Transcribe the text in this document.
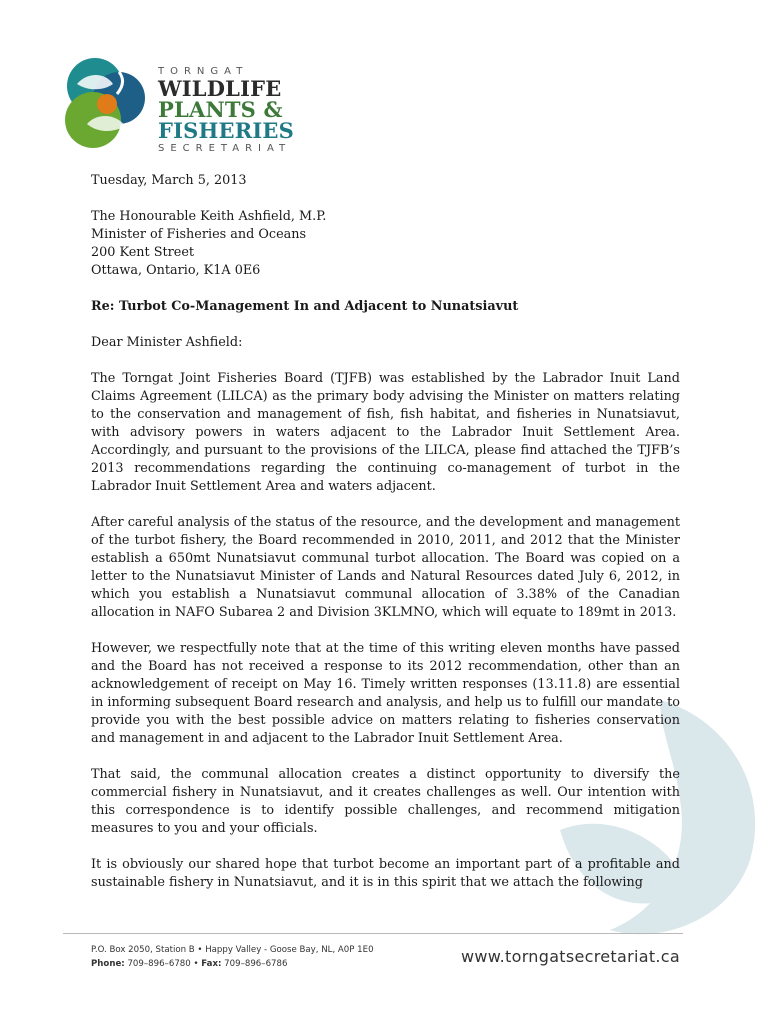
TORNGAT
WILDLIFE
PLANTS &
FISHERIES
SECRETARIAT

Tuesday, March 5, 2013

The Honourable Keith Ashfield, M.P.
Minister of Fisheries and Oceans
200 Kent Street
Ottawa, Ontario, K1A 0E6

Re: Turbot Co-Management In and Adjacent to Nunatsiavut

Dear Minister Ashfield:

The Torngat Joint Fisheries Board (TJFB) was established by the Labrador Inuit Land Claims Agreement (LILCA) as the primary body advising the Minister on matters relating to the conservation and management of fish, fish habitat, and fisheries in Nunatsiavut, with advisory powers in waters adjacent to the Labrador Inuit Settlement Area. Accordingly, and pursuant to the provisions of the LILCA, please find attached the TJFB’s 2013 recommendations regarding the continuing co-management of turbot in the Labrador Inuit Settlement Area and waters adjacent.

After careful analysis of the status of the resource, and the development and management of the turbot fishery, the Board recommended in 2010, 2011, and 2012 that the Minister establish a 650mt Nunatsiavut communal turbot allocation. The Board was copied on a letter to the Nunatsiavut Minister of Lands and Natural Resources dated July 6, 2012, in which you establish a Nunatsiavut communal allocation of 3.38% of the Canadian allocation in NAFO Subarea 2 and Division 3KLMNO, which will equate to 189mt in 2013.

However, we respectfully note that at the time of this writing eleven months have passed and the Board has not received a response to its 2012 recommendation, other than an acknowledgement of receipt on May 16. Timely written responses (13.11.8) are essential in informing subsequent Board research and analysis, and help us to fulfill our mandate to provide you with the best possible advice on matters relating to fisheries conservation and management in and adjacent to the Labrador Inuit Settlement Area.

That said, the communal allocation creates a distinct opportunity to diversify the commercial fishery in Nunatsiavut, and it creates challenges as well. Our intention with this correspondence is to identify possible challenges, and recommend mitigation measures to you and your officials.

It is obviously our shared hope that turbot become an important part of a profitable and sustainable fishery in Nunatsiavut, and it is in this spirit that we attach the following

P.O. Box 2050, Station B • Happy Valley - Goose Bay, NL, A0P 1E0
Phone: 709–896–6780 • Fax: 709–896–6786	www.torngatsecretariat.ca
